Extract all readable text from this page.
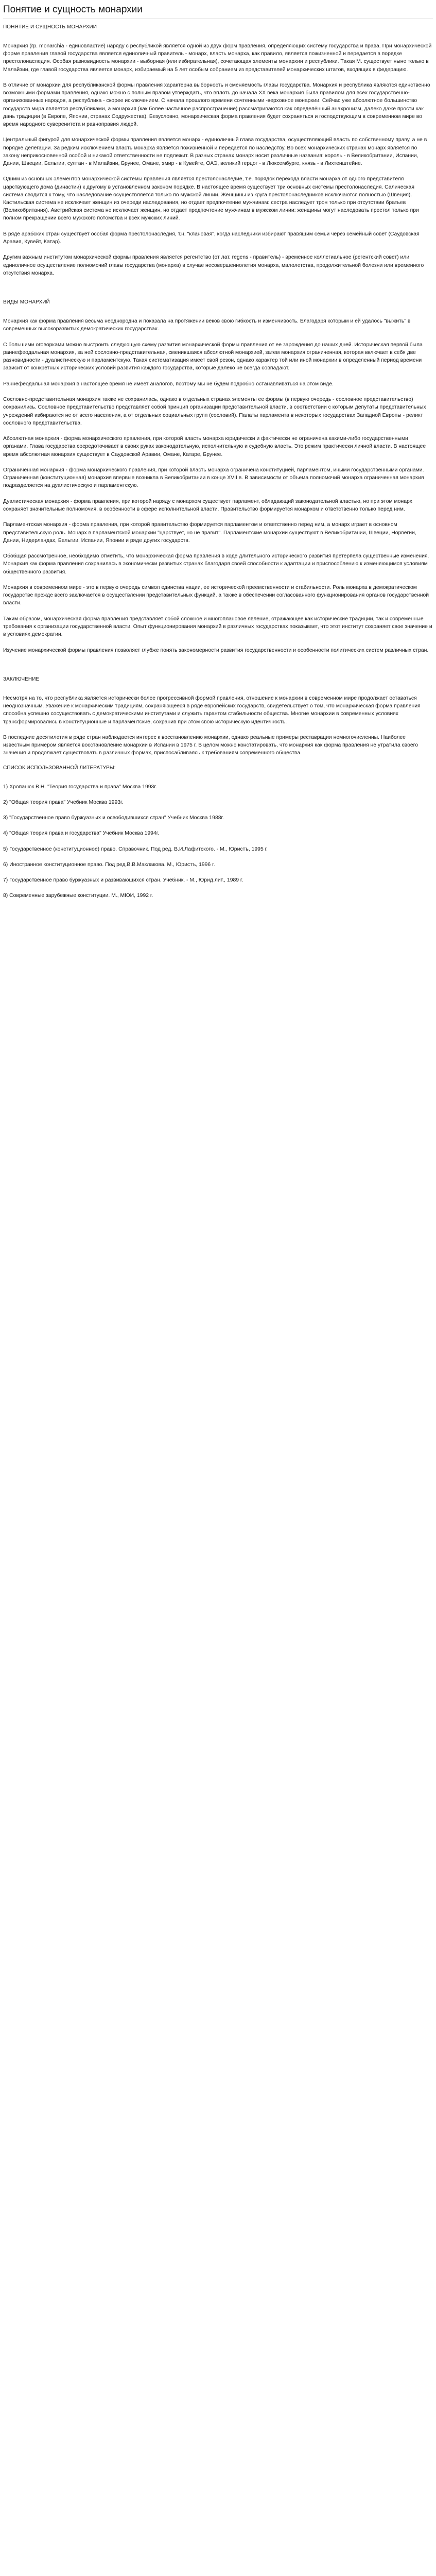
Понятие и сущность монархии
ПОНЯТИЕ И СУЩНОСТЬ МОНАРХИИ

Монархия (гр. monarchia - единовластие) наряду с республикой является одной из двух форм правления, определяющих систему государства и права. При монархической форме правления главой государства является единоличный правитель - монарх, власть монарха, как правило, является пожизненной и передается в порядке престолонаследия. Особая разновидность монархии - выборная (или избирательная), сочетающая элементы монархии и республики. Такая М. существует ныне только в Малайзии, где главой государства является монарх, избираемый на 5 лет особым собранием из представителей монархических штатов, входящих в федерацию.

В отличие от монархии для республиканской формы правления характерна выборность и сменяемость главы государства. Монархия и республика являются единственно возможными формами правления, однако можно с полным правом утверждать, что вплоть до начала XX века монархия была правилом для всех государственно-организованных народов, а республика - скорее исключением. С начала прошлого времени сочтенными -верховное монархии. Сейчас уже абсолютное большинство государств мира является республиками, а монархия (как более частичное распространение) рассматриваются как определённый анахронизм, далеко даже прости как дань традиции (в Европе, Японии, странах Содружества). Безусловно, монархическая форма правления будет сохраняться и господствующим в современном мире во время народного суверенитета и равноправия людей.

Центральный фигурой для монархической формы правления является монарх - единоличный глава государства, осуществляющий власть по собственному праву, а не в порядке делегации. За редким исключением власть монарха является пожизненной и передается по наследству. Во всех монархических странах монарх является по закону неприкосновенной особой и никакой ответственности не подлежит. В разных странах монарх носит различные названия: король - в Великобритании, Испании, Дании, Швеции, Бельгии, султан - в Малайзии, Брунее, Омане, эмир - в Кувейте, ОАЭ, великий герцог - в Люксембурге, князь - в Лихтенштейне.

Одним из основных элементов монархической системы правления является престолонаследие, т.е. порядок перехода власти монарха от одного представителя царствующего дома (династии) к другому в установленном законом порядке. В настоящее время существует три основных системы престолонаследия. Салическая система сводится к тому, что наследование осуществляется только по мужской линии. Женщины из круга престолонаследников исключаются полностью (Швеция). Кастильская система не исключает женщин из очереди наследования, но отдает предпочтение мужчинам: сестра наследует трон только при отсутствии братьев (Великобритания). Австрийская система не исключает женщин, но отдает предпочтение мужчинам в мужском линии: женщины могут наследовать престол только при полном прекращении всего мужского потомства и всех мужских линий.

В ряде арабских стран существует особая форма престолонаследия, т.н. "клановая", когда наследники избирают правящим семьи через семейный совет (Саудовская Аравия, Кувейт, Катар).

Другим важным институтом монархической формы правления является регентство (от лат. regens - правитель) - временное коллегиальное (регентский совет) или единоличное осуществление полномочий главы государства (монарха) в случае несовершеннолетия монарха, малолетства, продолжительной болезни или временного отсутствия монарха.

ВИДЫ МОНАРХИЙ

Монархия как форма правления весьма неоднородна и показала на протяжении веков свою гибкость и изменчивость. Благодаря которым и ей удалось "выжить" в современных высокоразвитых демократических государствах.

С большими оговорками можно выстроить следующую схему развития монархической формы правления от ее зарождения до наших дней. Историческая первой была раннефеодальная монархия, за ней сословно-представительная, сменившаяся абсолютной монархией, затем монархия ограниченная, которая включает в себя две разновидности - дуалистическую и парламентскую. Такая систематизация имеет свой резон, однако характер той или иной монархии в определенный период времени зависит от конкретных исторических условий развития каждого государства, которые далеко не всегда совпадают.

Раннефеодальная монархия в настоящее время не имеет аналогов, поэтому мы не будем подробно останавливаться на этом виде.

Сословно-представительная монархия также не сохранилась, однако в отдельных странах элементы ее формы (в первую очередь - сословное представительство) сохранились. Сословное представительство представляет собой принцип организации представительной власти, в соответствии с которым депутаты представительных учреждений избираются не от всего населения, а от отдельных социальных групп (сословий). Палаты парламента в некоторых государствах Западной Европы - реликт сословного представительства.

Абсолютная монархия - форма монархического правления, при которой власть монарха юридически и фактически не ограничена какими-либо государственными органами. Глава государства сосредоточивает в своих руках законодательную, исполнительную и судебную власть. Это режим практически личной власти. В настоящее время абсолютная монархия существует в Саудовской Аравии, Омане, Катаре, Брунее.

Ограниченная монархия - форма монархического правления, при которой власть монарха ограничена конституцией, парламентом, иными государственными органами. Ограниченная (конституционная) монархия впервые возникла в Великобритании в конце XVII в. В зависимости от объема полномочий монарха ограниченная монархия подразделяется на дуалистическую и парламентскую.

Дуалистическая монархия - форма правления, при которой наряду с монархом существует парламент, обладающий законодательной властью, но при этом монарх сохраняет значительные полномочия, в особенности в сфере исполнительной власти. Правительство формируется монархом и ответственно только перед ним.

Парламентская монархия - форма правления, при которой правительство формируется парламентом и ответственно перед ним, а монарх играет в основном представительскую роль. Монарх в парламентской монархии "царствует, но не правит". Парламентские монархии существуют в Великобритании, Швеции, Норвегии, Дании, Нидерландах, Бельгии, Испании, Японии и ряде других государств.

Обобщая рассмотренное, необходимо отметить, что монархическая форма правления в ходе длительного исторического развития претерпела существенные изменения. Монархия как форма правления сохранилась в экономически развитых странах благодаря своей способности к адаптации и приспособлению к изменяющимся условиям общественного развития.

Монархия в современном мире - это в первую очередь символ единства нации, ее исторической преемственности и стабильности. Роль монарха в демократическом государстве прежде всего заключается в осуществлении представительных функций, а также в обеспечении согласованного функционирования органов государственной власти.

Таким образом, монархическая форма правления представляет собой сложное и многоплановое явление, отражающее как исторические традиции, так и современные требования к организации государственной власти. Опыт функционирования монархий в различных государствах показывает, что этот институт сохраняет свое значение и в условиях демократии.

Изучение монархической формы правления позволяет глубже понять закономерности развития государственности и особенности политических систем различных стран.

ЗАКЛЮЧЕНИЕ

Несмотря на то, что республика является исторически более прогрессивной формой правления, отношение к монархии в современном мире продолжает оставаться неоднозначным. Уважение к монархическим традициям, сохраняющееся в ряде европейских государств, свидетельствует о том, что монархическая форма правления способна успешно сосуществовать с демократическими институтами и служить гарантом стабильности общества. Многие монархии в современных условиях трансформировались в конституционные и парламентские, сохранив при этом свою историческую идентичность.

В последние десятилетия в ряде стран наблюдается интерес к восстановлению монархии, однако реальные примеры реставрации немногочисленны. Наиболее известным примером является восстановление монархии в Испании в 1975 г. В целом можно констатировать, что монархия как форма правления не утратила своего значения и продолжает существовать в различных формах, приспосабливаясь к требованиям современного общества.

СПИСОК ИСПОЛЬЗОВАННОЙ ЛИТЕРАТУРЫ:

1) Хропанюк В.Н. "Теория государства и права" Москва 1993г.

2) "Общая теория права" Учебник Москва 1993г.

3) "Государственное право буржуазных и освободившихся стран" Учебник Москва 1988г.

4) "Общая теория права и государства" Учебник Москва 1994г.

5) Государственное (конституционное) право. Справочник. Под ред. В.И.Лафитского. - М., Юристъ, 1995 г.

6) Иностранное конституционное право. Под ред.В.В.Маклакова. М., Юристъ, 1996 г.

7) Государственное право буржуазных и развивающихся стран. Учебник. - М., Юрид.лит., 1989 г.

8) Современные зарубежные конституции. М., МЮИ, 1992 г.
